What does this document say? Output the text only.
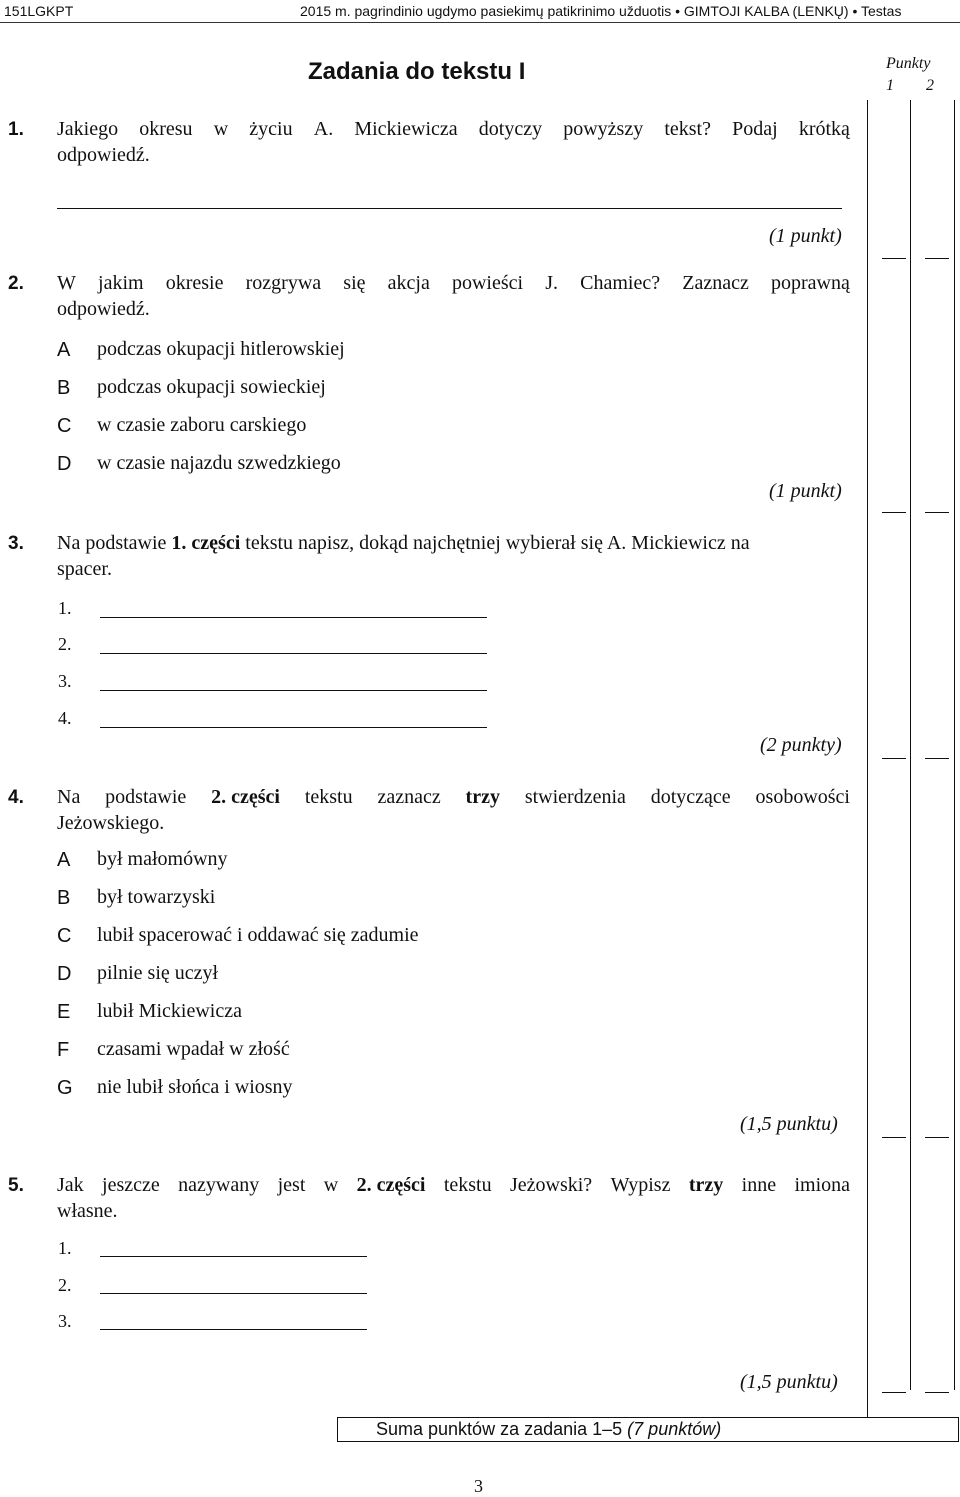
151LGKPT	2015 m. pagrindinio ugdymo pasiekimų patikrinimo užduotis • GIMTOJI KALBA (LENKŲ) • Testas
Zadania do tekstu I	Punkty
1 2
1. Jakiego okresu w życiu A. Mickiewicza dotyczy powyższy tekst? Podaj krótką
odpowiedź.
(1 punkt)
2. W jakim okresie rozgrywa się akcja powieści J. Chamiec? Zaznacz poprawną
odpowiedź.
A podczas okupacji hitlerowskiej
B podczas okupacji sowieckiej
C w czasie zaboru carskiego
D w czasie najazdu szwedzkiego
(1 punkt)
3. Na podstawie 1. części tekstu napisz, dokąd najchętniej wybierał się A. Mickiewicz na
spacer.
1.
2.
3.
4.
(2 punkty)
4. Na podstawie 2. części tekstu zaznacz trzy stwierdzenia dotyczące osobowości
Jeżowskiego.
A był małomówny
B był towarzyski
C lubił spacerować i oddawać się zadumie
D pilnie się uczył
E lubił Mickiewicza
F czasami wpadał w złość
G nie lubił słońca i wiosny
(1,5 punktu)
5. Jak jeszcze nazywany jest w 2. części tekstu Jeżowski? Wypisz trzy inne imiona
własne.
1.
2.
3.
(1,5 punktu)
Suma punktów za zadania 1–5 (7 punktów)
3
